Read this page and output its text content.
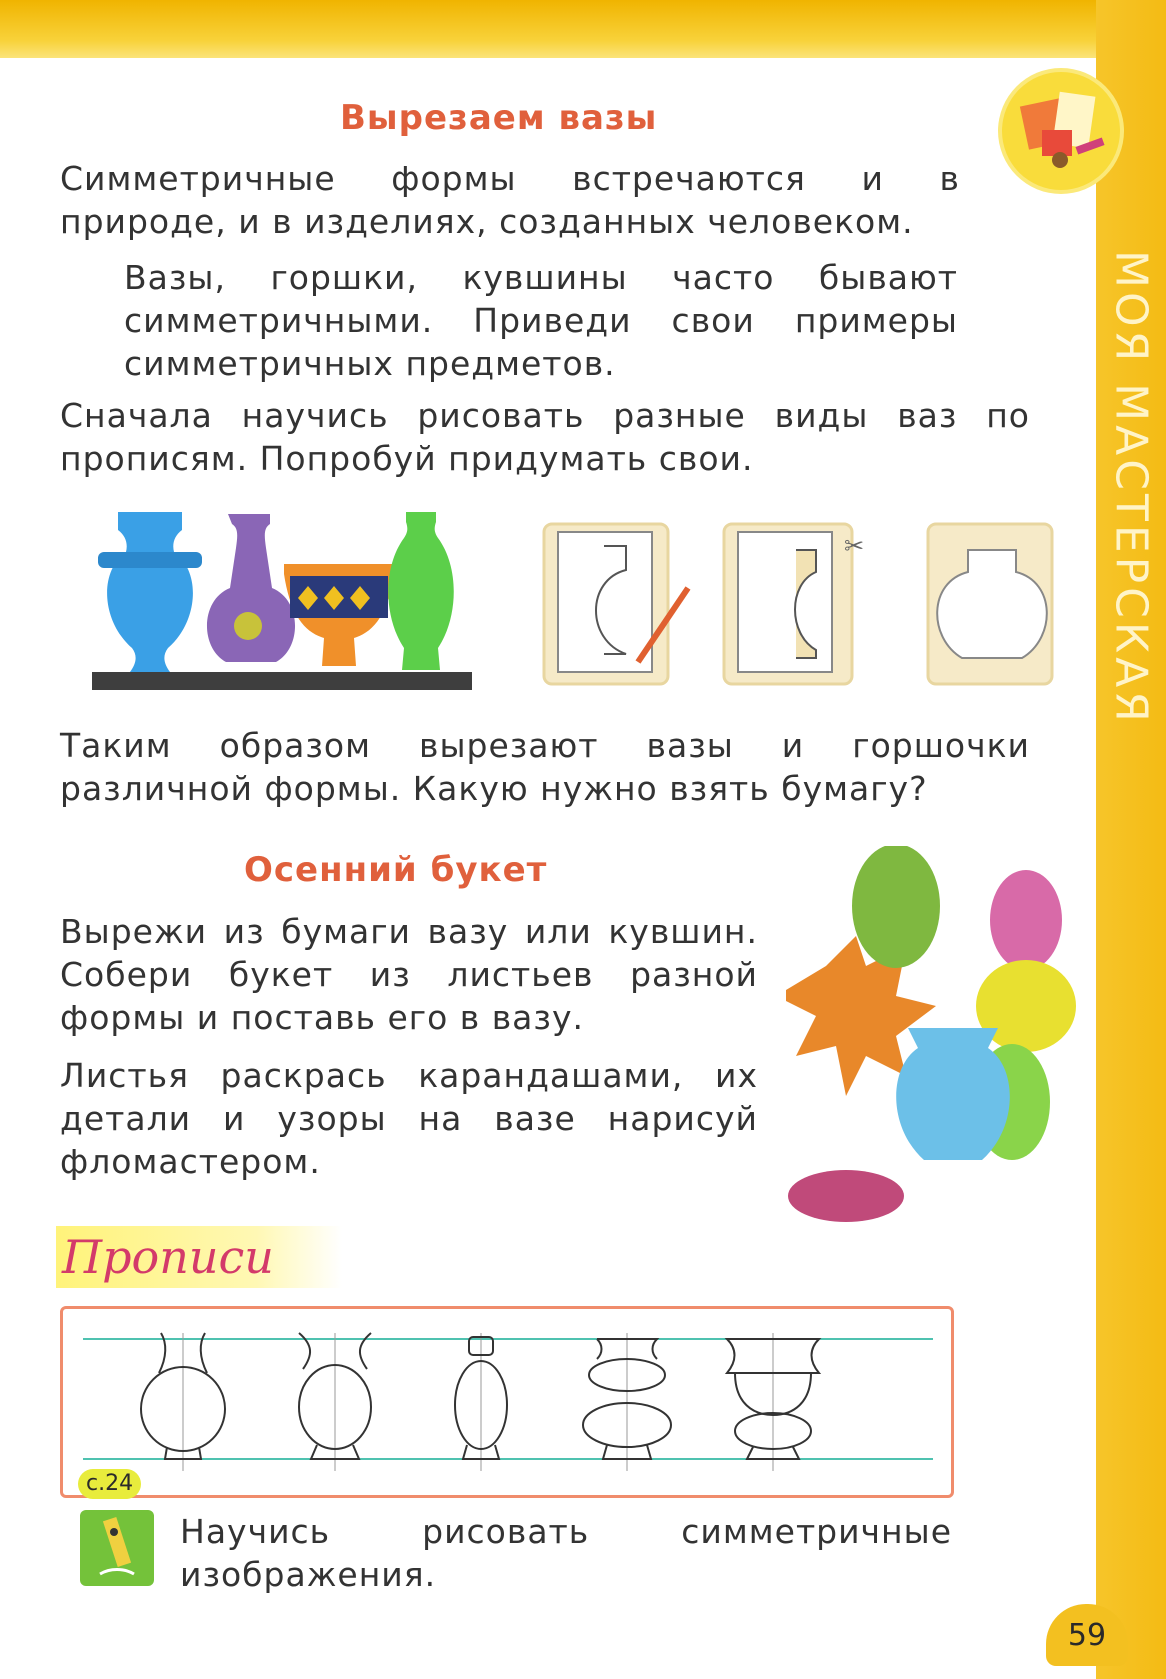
МОЯ МАСТЕРСКАЯ
Вырезаем вазы
Симметричные формы встречаются и в природе, и в изделиях, созданных человеком.
Вазы, горшки, кувшины часто бывают симметричными. Приведи свои примеры симметричных предметов.
Сначала научись рисовать разные виды ваз по прописям. Попробуй придумать свои.
✂
Таким образом вырезают вазы и горшочки различной формы. Какую нужно взять бумагу?
Осенний букет
Вырежи из бумаги вазу или кувшин. Собери букет из листьев разной формы и поставь его в вазу.
Листья раскрась карандашами, их детали и узоры на вазе нарисуй фломастером.
Прописи
с.24
Научись рисовать симметричные изображения.
59
